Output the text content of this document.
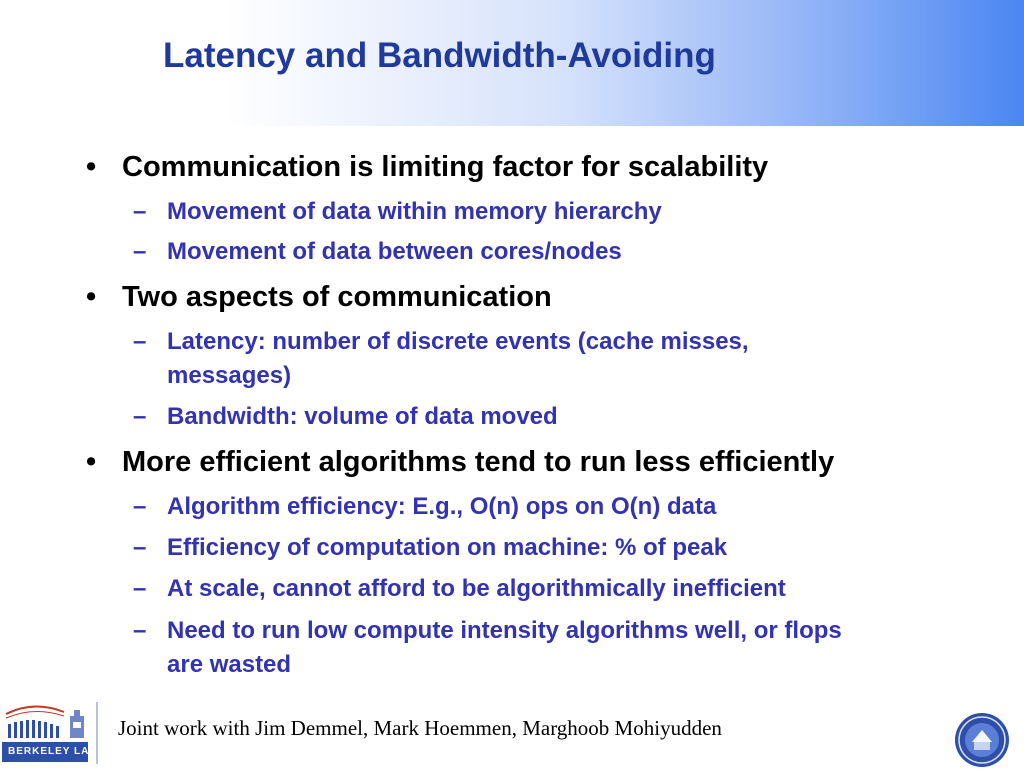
Latency and Bandwidth-Avoiding
• Communication is limiting factor for scalability
– Movement of data within memory hierarchy
– Movement of data between cores/nodes
• Two aspects of communication
– Latency: number of discrete events (cache misses,
messages)
– Bandwidth: volume of data moved
• More efficient algorithms tend to run less efficiently
– Algorithm efficiency: E.g., O(n) ops on O(n) data
– Efficiency of computation on machine: % of peak
– At scale, cannot afford to be algorithmically inefficient
– Need to run low compute intensity algorithms well, or flops
are wasted
BERKELEY LAB
Joint work with Jim Demmel, Mark Hoemmen, Marghoob Mohiyudden
